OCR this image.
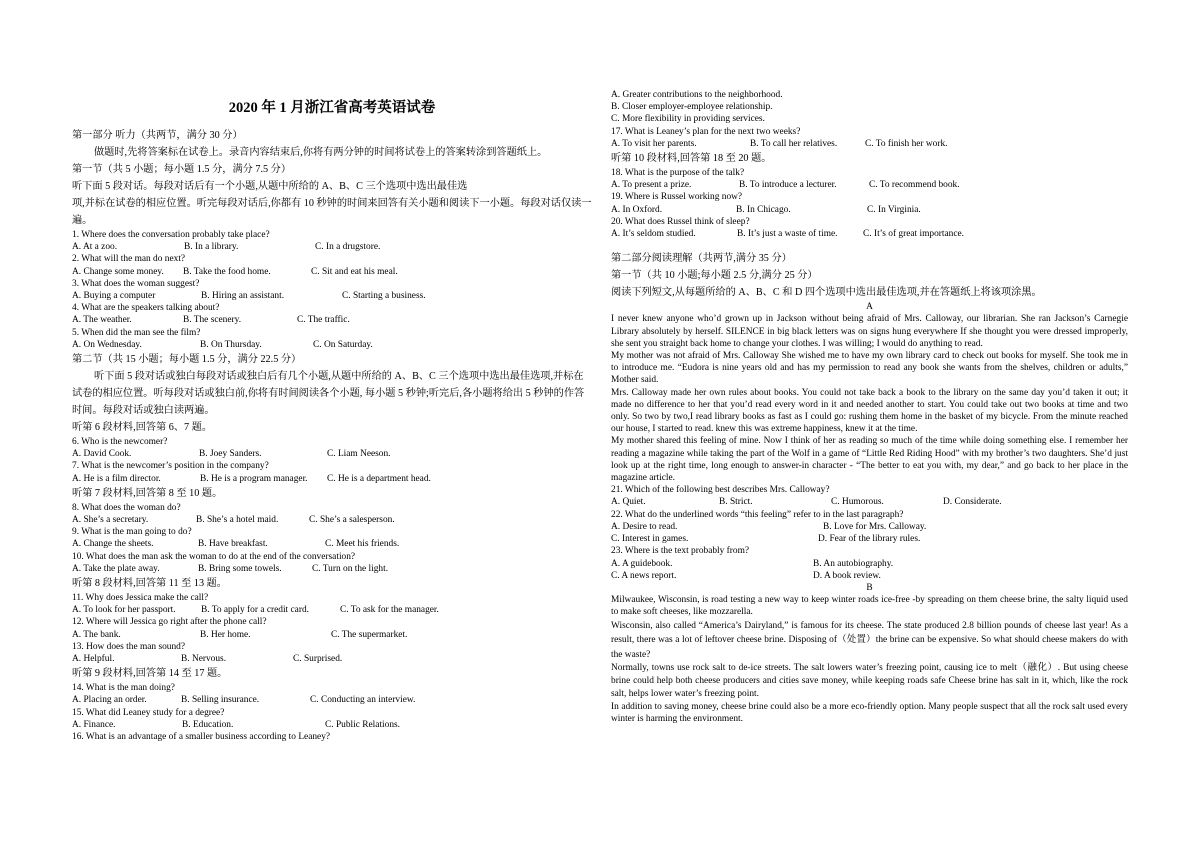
2020 年 1 月浙江省高考英语试卷
第一部分 听力（共两节，满分 30 分）
做题时,先将答案标在试卷上。录音内容结束后,你将有两分钟的时间将试卷上的答案转涂到答题纸上。
第一节（共 5 小题；每小题 1.5 分，满分 7.5 分）
听下面 5 段对话。每段对话后有一个小题,从题中所给的 A、B、C 三个选项中选出最佳选
项,并标在试卷的相应位置。听完每段对话后,你都有 10 秒钟的时间来回答有关小题和阅读下一小题。每段对话仅读一遍。
1. Where does the conversation probably take place?
A. At a zoo.	B. In a library.	C. In a drugstore.
2. What will the man do next?
A. Change some money.	B. Take the food home.	C. Sit and eat his meal.
3. What does the woman suggest?
A. Buying a computer	B. Hiring an assistant.	C. Starting a business.
4. What are the speakers talking about?
A. The weather.	B. The scenery.	C. The traffic.
5. When did the man see the film?
A. On Wednesday.	B. On Thursday.	C. On Saturday.
第二节（共 15 小题；每小题 1.5 分，满分 22.5 分）
听下面 5 段对话或独白每段对话或独白后有几个小题,从题中所给的 A、B、C 三个选项中选出最佳选项,并标在试卷的相应位置。听每段对话或独白前,你将有时间阅读各个小题, 每小题 5 秒钟;听完后,各小题将给出 5 秒钟的作答时间。每段对话或独白读两遍。
听第 6 段材料,回答第 6、7 题。
6. Who is the newcomer?
A. David Cook.	B. Joey Sanders.	C. Liam Neeson.
7. What is the newcomer’s position in the company?
A. He is a film director.	B. He is a program manager.	C. He is a department head.
听第 7 段材料,回答第 8 至 10 题。
8. What does the woman do?
A. She’s a secretary.	B. She’s a hotel maid.	C. She’s a salesperson.
9. What is the man going to do?
A. Change the sheets.	B. Have breakfast.	C. Meet his friends.
10. What does the man ask the woman to do at the end of the conversation?
A. Take the plate away.	B. Bring some towels.	C. Turn on the light.
听第 8 段材料,回答第 11 至 13 题。
11. Why does Jessica make the call?
A. To look for her passport.	B. To apply for a credit card.	C. To ask for the manager.
12. Where will Jessica go right after the phone call?
A. The bank.	B. Her home.	C. The supermarket.
13. How does the man sound?
A. Helpful.	B. Nervous.	C. Surprised.
听第 9 段材料,回答第 14 至 17 题。
14. What is the man doing?
A. Placing an order.	B. Selling insurance.	C. Conducting an interview.
15. What did Leaney study for a degree?
A. Finance.	B. Education.	C. Public Relations.
16. What is an advantage of a smaller business according to Leaney?
A. Greater contributions to the neighborhood.
B. Closer employer-employee relationship.
C. More flexibility in providing services.
17. What is Leaney’s plan for the next two weeks?
A. To visit her parents.	B. To call her relatives.	C. To finish her work.
听第 10 段材料,回答第 18 至 20 题。
18. What is the purpose of the talk?
A. To present a prize.	B. To introduce a lecturer.	C. To recommend book.
19. Where is Russel working now?
A. In Oxford.	B. In Chicago.	C. In Virginia.
20. What does Russel think of sleep?
A. It’s seldom studied.	B. It’s just a waste of time.	C. It’s of great importance.
第二部分阅读理解（共两节,满分 35 分）
第一节（共 10 小题;每小题 2.5 分,满分 25 分）
阅读下列短文,从每题所给的 A、B、C 和 D 四个选项中选出最佳选项,并在答题纸上将该项涂黑。
A
I never knew anyone who’d grown up in Jackson without being afraid of Mrs. Calloway, our librarian. She ran Jackson’s Carnegie Library absolutely by herself. SILENCE in big black letters was on signs hung everywhere If she thought you were dressed improperly, she sent you straight back home to change your clothes. I was willing; I would do anything to read.
My mother was not afraid of Mrs. Calloway She wished me to have my own library card to check out books for myself. She took me in to introduce me. “Eudora is nine years old and has my permission to read any book she wants from the shelves, children or adults,” Mother said.
Mrs. Calloway made her own rules about books. You could not take back a book to the library on the same day you’d taken it out; it made no difference to her that you’d read every word in it and needed another to start. You could take out two books at time and two only. So two by two,I read library books as fast as I could go: rushing them home in the basket of my bicycle. From the minute reached our house, I started to read. knew this was extreme happiness, knew it at the time.
My mother shared this feeling of mine. Now I think of her as reading so much of the time while doing something else. I remember her reading a magazine while taking the part of the Wolf in a game of “Little Red Riding Hood” with my brother’s two daughters. She’d just look up at the right time, long enough to answer-in character - “The better to eat you with, my dear,” and go back to her place in the magazine article.
21. Which of the following best describes Mrs. Calloway?
A. Quiet.	B. Strict.	C. Humorous.	D. Considerate.
22. What do the underlined words “this feeling” refer to in the last paragraph?
A. Desire to read.	B. Love for Mrs. Calloway.
C. Interest in games.	D. Fear of the library rules.
23. Where is the text probably from?
A. A guidebook.	B. An autobiography.
C. A news report.	D. A book review.
B
Milwaukee, Wisconsin, is road testing a new way to keep winter roads ice-free -by spreading on them cheese brine, the salty liquid used to make soft cheeses, like mozzarella.
Wisconsin, also called “America’s Dairyland,” is famous for its cheese. The state produced 2.8 billion pounds of cheese last year! As a result, there was a lot of leftover cheese brine. Disposing of（处置）the brine can be expensive. So what should cheese makers do with the waste?
Normally, towns use rock salt to de-ice streets. The salt lowers water’s freezing point, causing ice to melt（融化）. But using cheese brine could help both cheese producers and cities save money, while keeping roads safe Cheese brine has salt in it, which, like the rock salt, helps lower water’s freezing point.
In addition to saving money, cheese brine could also be a more eco-friendly option. Many people suspect that all the rock salt used every winter is harming the environment.
